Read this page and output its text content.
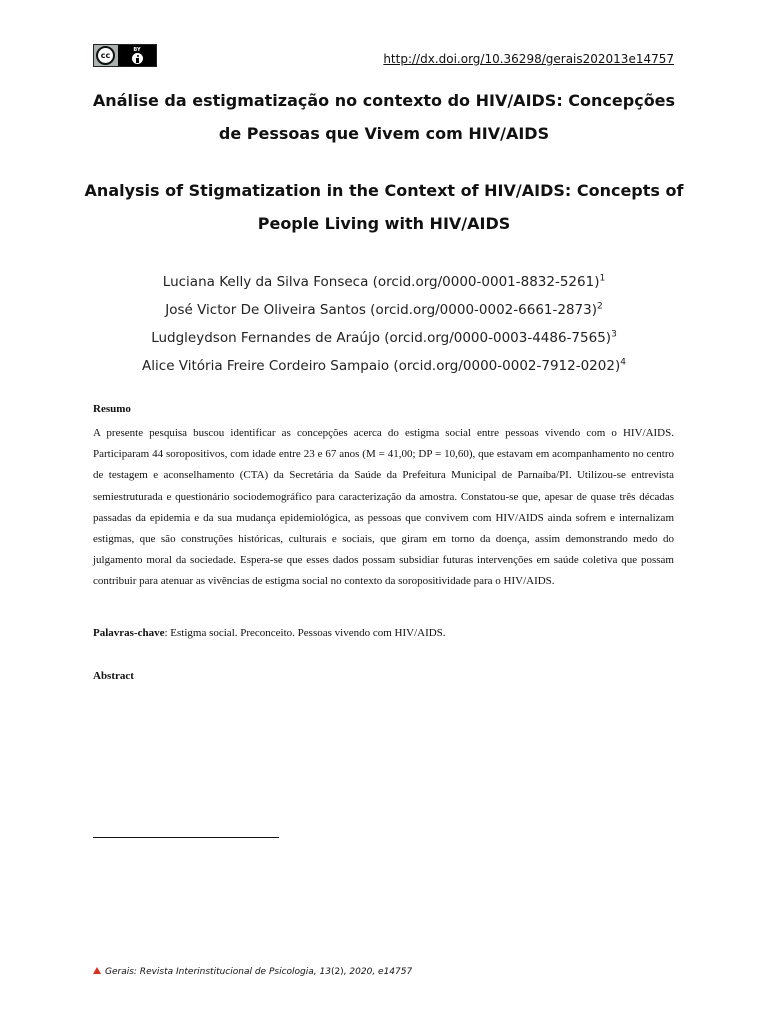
cc
BY
http://dx.doi.org/10.36298/gerais202013e14757
Análise da estigmatização no contexto do HIV/AIDS: Concepções
de Pessoas que Vivem com HIV/AIDS
Analysis of Stigmatization in the Context of HIV/AIDS: Concepts of
People Living with HIV/AIDS
Luciana Kelly da Silva Fonseca (orcid.org/0000-0001-8832-5261)$^1$
José Victor De Oliveira Santos (orcid.org/0000-0002-6661-2873)$^2$
Ludgleydson Fernandes de Araújo (orcid.org/0000-0003-4486-7565)$^3$
Alice Vitória Freire Cordeiro Sampaio (orcid.org/0000-0002-7912-0202)$^4$
Resumo
A presente pesquisa buscou identificar as concepções acerca do estigma social entre pessoas vivendo com o HIV/AIDS. Participaram 44 soropositivos, com idade entre 23 e 67 anos (M = 41,00; DP = 10,60), que estavam em acompanhamento no centro de testagem e aconselhamento (CTA) da Secretária da Saúde da Prefeitura Municipal de Parnaíba/PI. Utilizou-se entrevista semiestruturada e questionário sociodemográfico para caracterização da amostra. Constatou-se que, apesar de quase três décadas passadas da epidemia e da sua mudança epidemiológica, as pessoas que convivem com HIV/AIDS ainda sofrem e internalizam estigmas, que são construções históricas, culturais e sociais, que giram em torno da doença, assim demonstrando medo do julgamento moral da sociedade. Espera-se que esses dados possam subsidiar futuras intervenções em saúde coletiva que possam contribuir para atenuar as vivências de estigma social no contexto da soropositividade para o HIV/AIDS.
Palavras-chave: Estigma social. Preconceito. Pessoas vivendo com HIV/AIDS.
Abstract
Gerais: Revista Interinstitucional de Psicologia, 13(2), 2020, e14757
